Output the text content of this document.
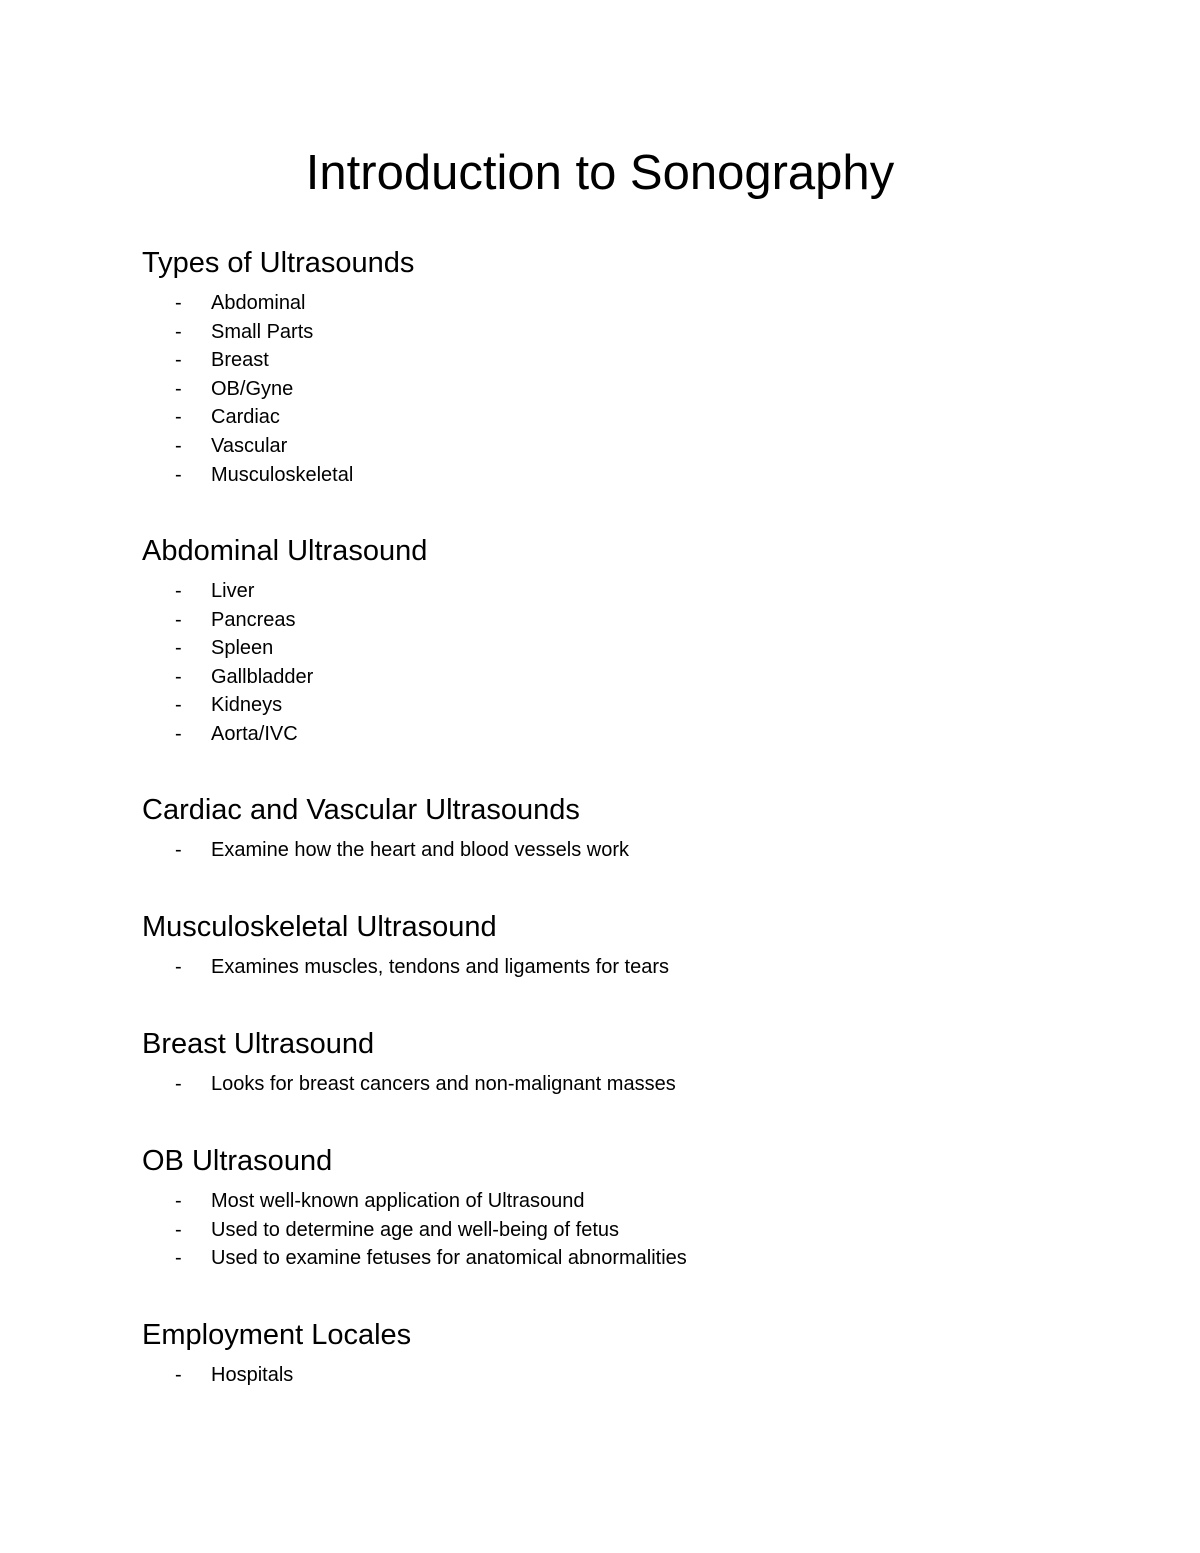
Introduction to Sonography
Types of Ultrasounds
-	Abdominal
-	Small Parts
-	Breast
-	OB/Gyne
-	Cardiac
-	Vascular
-	Musculoskeletal
Abdominal Ultrasound
-	Liver
-	Pancreas
-	Spleen
-	Gallbladder
-	Kidneys
-	Aorta/IVC
Cardiac and Vascular Ultrasounds
-	Examine how the heart and blood vessels work
Musculoskeletal Ultrasound
-	Examines muscles, tendons and ligaments for tears
Breast Ultrasound
-	Looks for breast cancers and non-malignant masses
OB Ultrasound
-	Most well-known application of Ultrasound
-	Used to determine age and well-being of fetus
-	Used to examine fetuses for anatomical abnormalities
Employment Locales
-	Hospitals
